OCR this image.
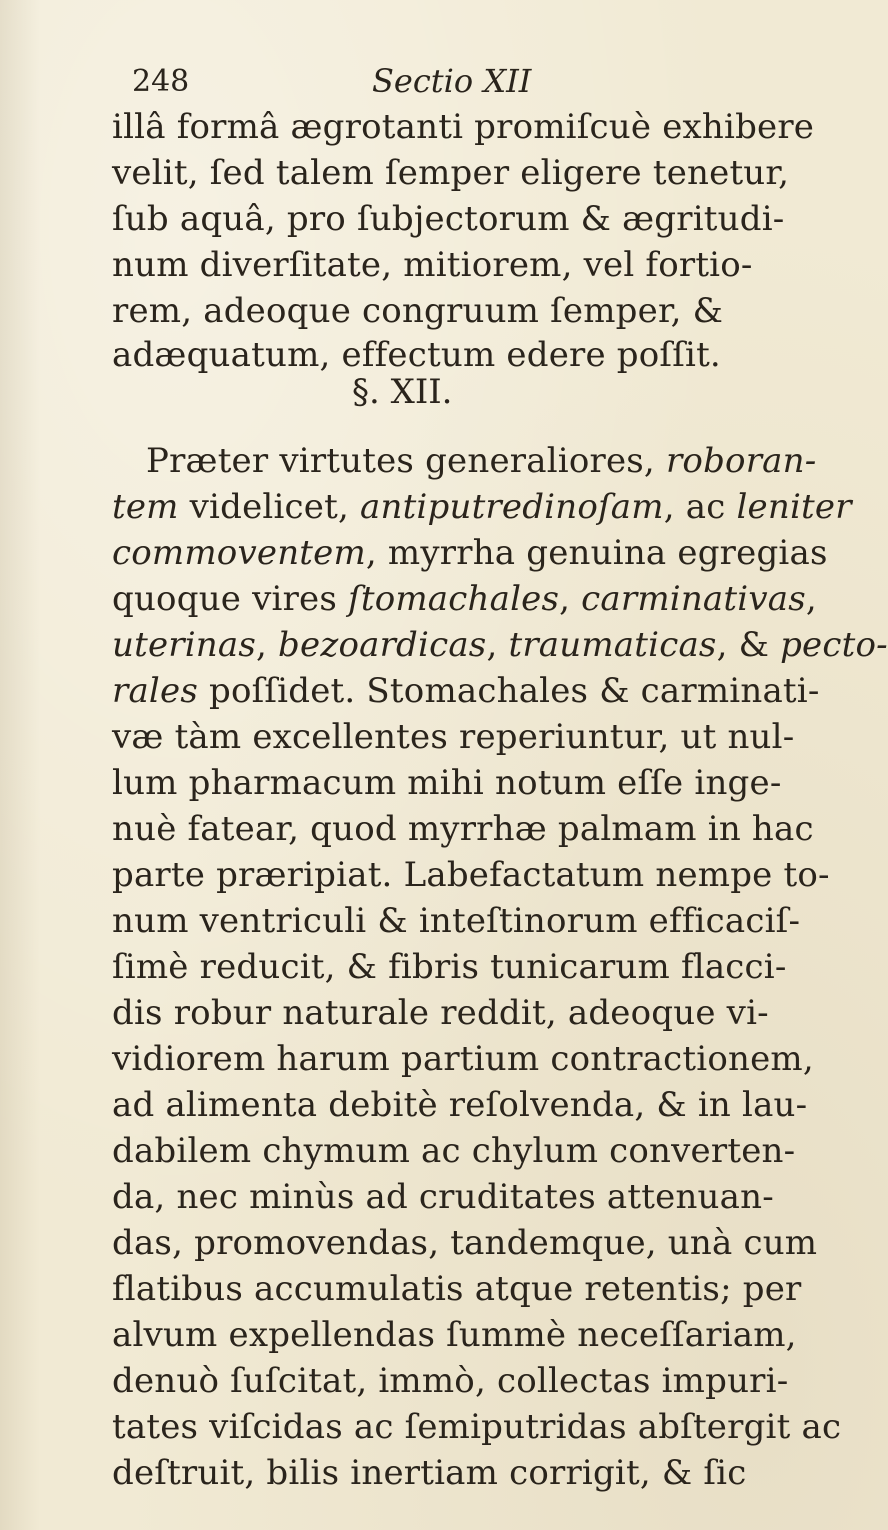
248	Sectio XII
illâ formâ ægrotanti promiſcuè exhibere
velit, ſed talem ſemper eligere tenetur,
ſub aquâ, pro ſubjectorum & ægritudi-
num diverſitate, mitiorem, vel fortio-
rem, adeoque congruum ſemper, &
adæquatum, effectum edere poſſit.
§. XII.
Præter virtutes generaliores, roboran-
tem videlicet, antiputredinoſam, ac leniter
commoventem, myrrha genuina egregias
quoque vires ſtomachales, carminativas,
uterinas, bezoardicas, traumaticas, & pecto-
rales poſſidet. Stomachales & carminati-
væ tàm excellentes reperiuntur, ut nul-
lum pharmacum mihi notum eſſe inge-
nuè fatear, quod myrrhæ palmam in hac
parte præripiat. Labefactatum nempe to-
num ventriculi & inteſtinorum efficaciſ-
ſimè reducit, & fibris tunicarum flacci-
dis robur naturale reddit, adeoque vi-
vidiorem harum partium contractionem,
ad alimenta debitè reſolvenda, & in lau-
dabilem chymum ac chylum converten-
da, nec minùs ad cruditates attenuan-
das, promovendas, tandemque, unà cum
flatibus accumulatis atque retentis; per
alvum expellendas ſummè neceſſariam,
denuò ſuſcitat, immò, collectas impuri-
tates viſcidas ac ſemiputridas abſtergit ac
deſtruit, bilis inertiam corrigit, & ſic
